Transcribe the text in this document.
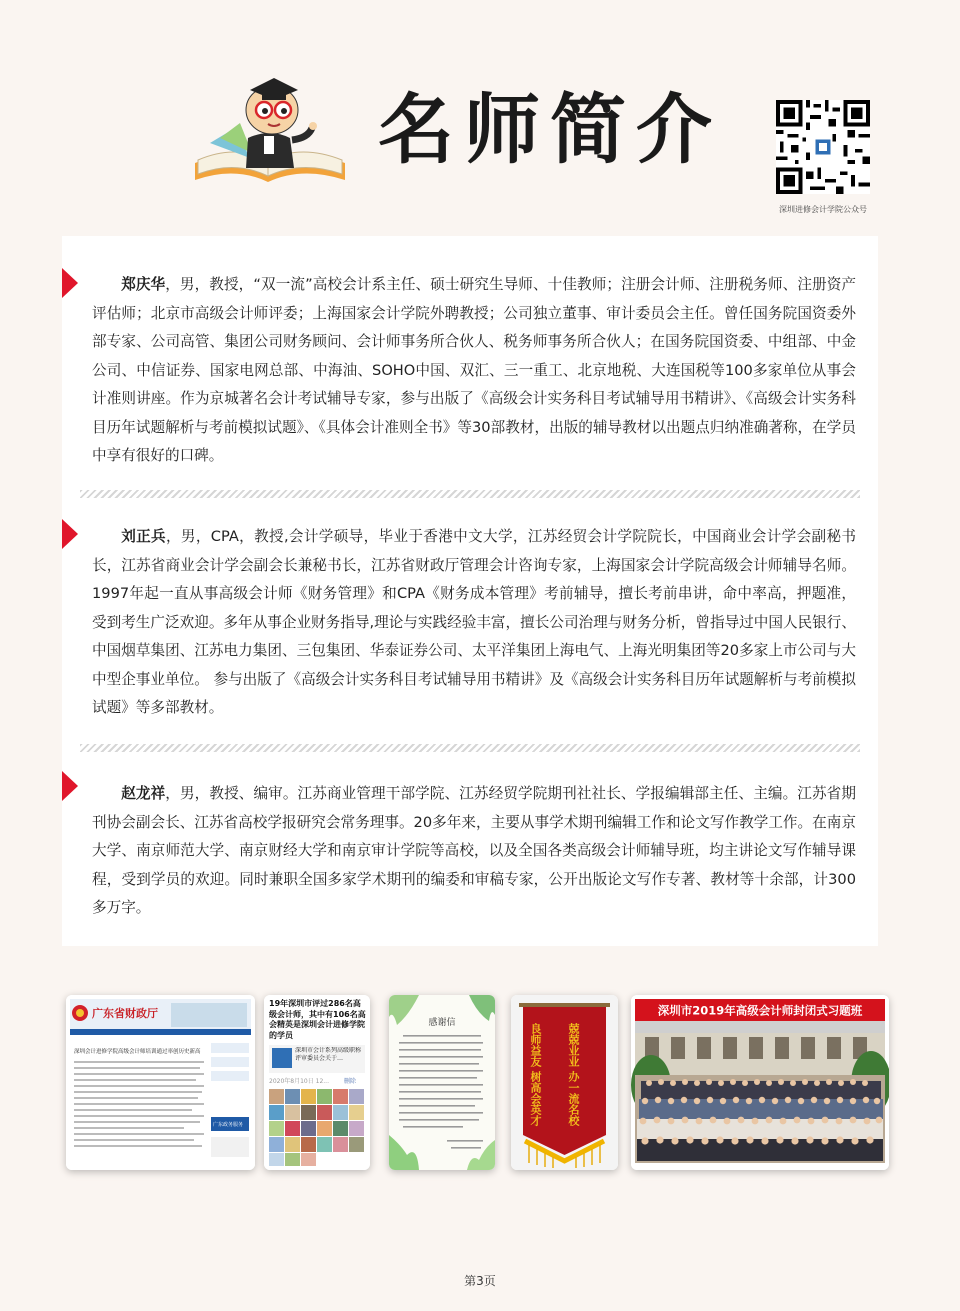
名师简介
深圳进修会计学院公众号

郑庆华，男，教授，“双一流”高校会计系主任、硕士研究生导师、十佳教师；注册会计师、注册税务师、注册资产评估师；北京市高级会计师评委；上海国家会计学院外聘教授；公司独立董事、审计委员会主任。曾任国务院国资委外部专家、公司高管、集团公司财务顾问、会计师事务所合伙人、税务师事务所合伙人；在国务院国资委、中组部、中金公司、中信证券、国家电网总部、中海油、SOHO中国、双汇、三一重工、北京地税、大连国税等100多家单位从事会计准则讲座。作为京城著名会计考试辅导专家，参与出版了《高级会计实务科目考试辅导用书精讲》、《高级会计实务科目历年试题解析与考前模拟试题》、《具体会计准则全书》等30部教材，出版的辅导教材以出题点归纳准确著称，在学员中享有很好的口碑。

刘正兵，男，CPA，教授,会计学硕导，毕业于香港中文大学，江苏经贸会计学院院长，中国商业会计学会副秘书长，江苏省商业会计学会副会长兼秘书长，江苏省财政厅管理会计咨询专家，上海国家会计学院高级会计师辅导名师。1997年起一直从事高级会计师《财务管理》和CPA《财务成本管理》考前辅导，擅长考前串讲，命中率高，押题准，受到考生广泛欢迎。多年从事企业财务指导,理论与实践经验丰富，擅长公司治理与财务分析，曾指导过中国人民银行、中国烟草集团、江苏电力集团、三包集团、华泰证券公司、太平洋集团上海电气、上海光明集团等20多家上市公司与大中型企事业单位。 参与出版了《高级会计实务科目考试辅导用书精讲》及《高级会计实务科目历年试题解析与考前模拟试题》等多部教材。

赵龙祥，男，教授、编审。江苏商业管理干部学院、江苏经贸学院期刊社社长、学报编辑部主任、主编。江苏省期刊协会副会长、江苏省高校学报研究会常务理事。20多年来，主要从事学术期刊编辑工作和论文写作教学工作。在南京大学、南京师范大学、南京财经大学和南京审计学院等高校，以及全国各类高级会计师辅导班，均主讲论文写作辅导课程，受到学员的欢迎。同时兼职全国多家学术期刊的编委和审稿专家，公开出版论文写作专著、教材等十余部，计300多万字。

广东省财政厅
深圳会计进修学院高级会计师培训通过率创历史新高
广东政务服务
19年深圳市评过286名高级会计师，其中有106名高会精英是深圳会计进修学院的学员
深圳市会计系列高级职称评审委员会关于…
2020年8月10日 12...	删除
感谢信	良师益友 树高会英才 兢兢业业 办一流名校
深圳市2019年高级会计师封闭式习题班
第3页
